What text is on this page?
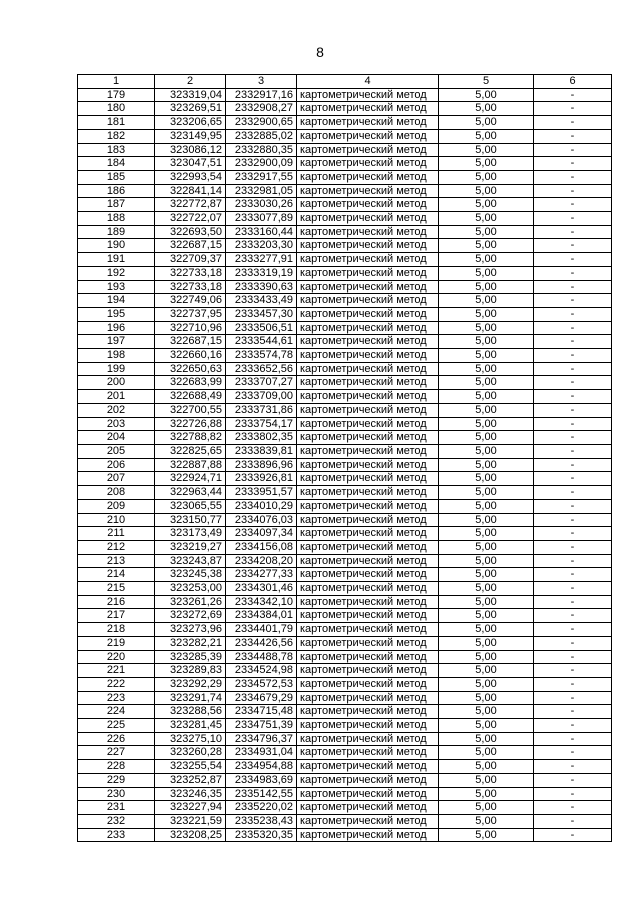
8
1	2	3	4	5	6
179	323319,04	2332917,16	картометрический метод	5,00	-
180	323269,51	2332908,27	картометрический метод	5,00	-
181	323206,65	2332900,65	картометрический метод	5,00	-
182	323149,95	2332885,02	картометрический метод	5,00	-
183	323086,12	2332880,35	картометрический метод	5,00	-
184	323047,51	2332900,09	картометрический метод	5,00	-
185	322993,54	2332917,55	картометрический метод	5,00	-
186	322841,14	2332981,05	картометрический метод	5,00	-
187	322772,87	2333030,26	картометрический метод	5,00	-
188	322722,07	2333077,89	картометрический метод	5,00	-
189	322693,50	2333160,44	картометрический метод	5,00	-
190	322687,15	2333203,30	картометрический метод	5,00	-
191	322709,37	2333277,91	картометрический метод	5,00	-
192	322733,18	2333319,19	картометрический метод	5,00	-
193	322733,18	2333390,63	картометрический метод	5,00	-
194	322749,06	2333433,49	картометрический метод	5,00	-
195	322737,95	2333457,30	картометрический метод	5,00	-
196	322710,96	2333506,51	картометрический метод	5,00	-
197	322687,15	2333544,61	картометрический метод	5,00	-
198	322660,16	2333574,78	картометрический метод	5,00	-
199	322650,63	2333652,56	картометрический метод	5,00	-
200	322683,99	2333707,27	картометрический метод	5,00	-
201	322688,49	2333709,00	картометрический метод	5,00	-
202	322700,55	2333731,86	картометрический метод	5,00	-
203	322726,88	2333754,17	картометрический метод	5,00	-
204	322788,82	2333802,35	картометрический метод	5,00	-
205	322825,65	2333839,81	картометрический метод	5,00	-
206	322887,88	2333896,96	картометрический метод	5,00	-
207	322924,71	2333926,81	картометрический метод	5,00	-
208	322963,44	2333951,57	картометрический метод	5,00	-
209	323065,55	2334010,29	картометрический метод	5,00	-
210	323150,77	2334076,03	картометрический метод	5,00	-
211	323173,49	2334097,34	картометрический метод	5,00	-
212	323219,27	2334156,08	картометрический метод	5,00	-
213	323243,87	2334208,20	картометрический метод	5,00	-
214	323245,38	2334277,33	картометрический метод	5,00	-
215	323253,00	2334301,46	картометрический метод	5,00	-
216	323261,26	2334342,10	картометрический метод	5,00	-
217	323272,69	2334384,01	картометрический метод	5,00	-
218	323273,96	2334401,79	картометрический метод	5,00	-
219	323282,21	2334426,56	картометрический метод	5,00	-
220	323285,39	2334488,78	картометрический метод	5,00	-
221	323289,83	2334524,98	картометрический метод	5,00	-
222	323292,29	2334572,53	картометрический метод	5,00	-
223	323291,74	2334679,29	картометрический метод	5,00	-
224	323288,56	2334715,48	картометрический метод	5,00	-
225	323281,45	2334751,39	картометрический метод	5,00	-
226	323275,10	2334796,37	картометрический метод	5,00	-
227	323260,28	2334931,04	картометрический метод	5,00	-
228	323255,54	2334954,88	картометрический метод	5,00	-
229	323252,87	2334983,69	картометрический метод	5,00	-
230	323246,35	2335142,55	картометрический метод	5,00	-
231	323227,94	2335220,02	картометрический метод	5,00	-
232	323221,59	2335238,43	картометрический метод	5,00	-
233	323208,25	2335320,35	картометрический метод	5,00	-
